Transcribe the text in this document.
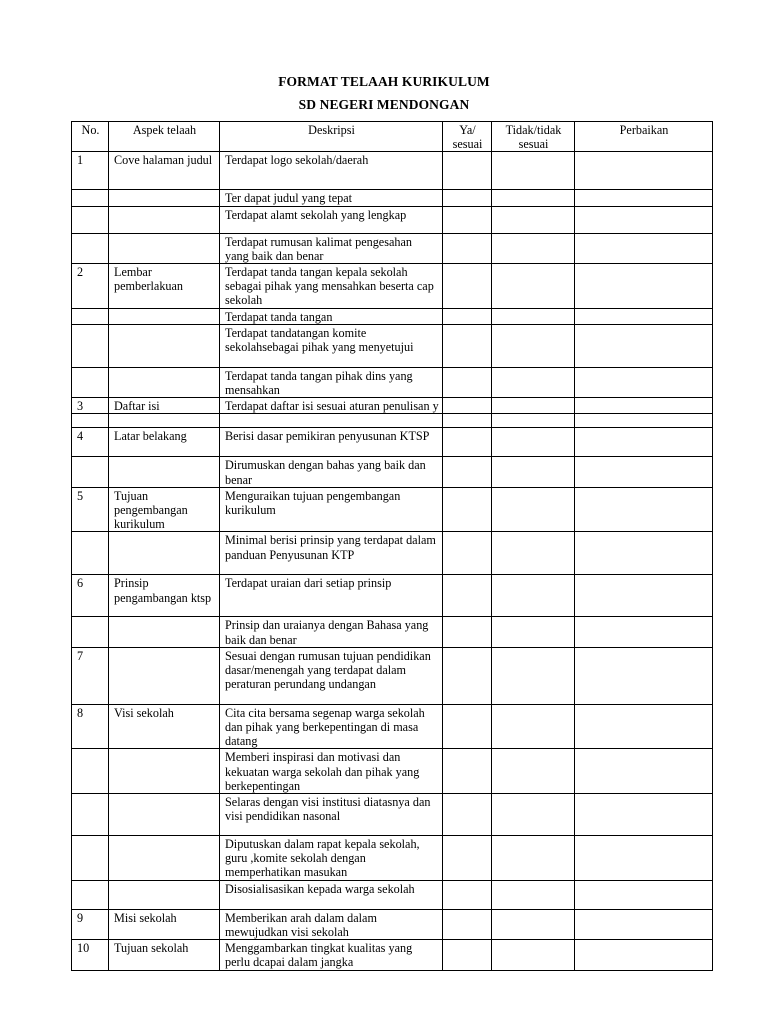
FORMAT TELAAH KURIKULUM
SD NEGERI MENDONGAN
No.	Aspek telaah	Deskripsi	Ya/ sesuai	Tidak/tidak sesuai	Perbaikan
1	Cove halaman judul	Terdapat logo sekolah/daerah			
		Ter dapat judul yang tepat			
		Terdapat alamt sekolah yang lengkap			
		Terdapat rumusan kalimat pengesahan yang baik dan benar			
2	Lembar pemberlakuan	Terdapat tanda tangan kepala sekolah sebagai pihak yang mensahkan beserta cap sekolah			
		Terdapat tanda tangan			
		Terdapat tandatangan komite sekolahsebagai pihak yang menyetujui			
		Terdapat tanda tangan pihak dins yang mensahkan			
3	Daftar isi	Terdapat daftar isi sesuai aturan penulisan y			

4	Latar belakang	Berisi dasar pemikiran penyusunan KTSP			
		Dirumuskan dengan bahas yang baik dan benar			
5	Tujuan pengembangan kurikulum	Menguraikan tujuan pengembangan kurikulum			
		Minimal berisi prinsip yang terdapat dalam panduan Penyusunan KTP			
6	Prinsip pengambangan ktsp	Terdapat uraian dari setiap prinsip			
		Prinsip dan uraianya dengan Bahasa yang baik dan benar			
7		Sesuai dengan rumusan tujuan pendidikan dasar/menengah yang terdapat dalam peraturan perundang undangan			
8	Visi sekolah	Cita cita bersama segenap warga sekolah dan pihak yang berkepentingan di masa datang			
		Memberi inspirasi dan motivasi dan kekuatan warga sekolah dan pihak yang berkepentingan			
		Selaras dengan visi institusi diatasnya dan visi pendidikan nasonal			
		Diputuskan dalam rapat kepala sekolah, guru ,komite sekolah dengan memperhatikan masukan			
		Disosialisasikan kepada warga sekolah			
9	Misi sekolah	Memberikan arah dalam dalam mewujudkan visi sekolah			
10	Tujuan sekolah	Menggambarkan tingkat kualitas yang perlu dcapai dalam jangka			
